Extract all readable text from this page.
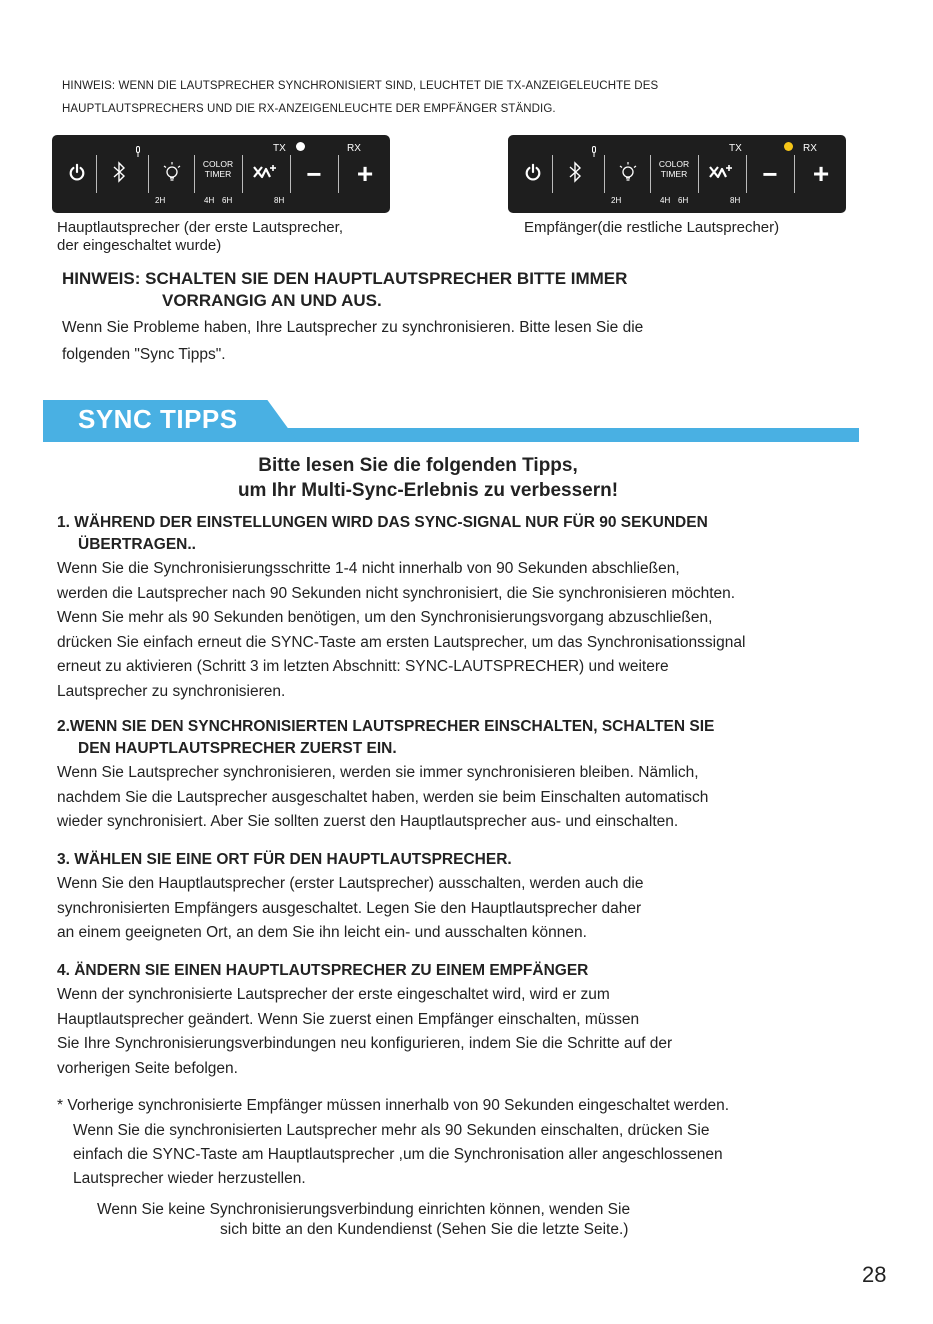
HINWEIS: WENN DIE LAUTSPRECHER SYNCHRONISIERT SIND, LEUCHTET DIE TX-ANZEIGELEUCHTE DES
HAUPTLAUTSPRECHERS UND DIE RX-ANZEIGENLEUCHTE DER EMPFÄNGER STÄNDIG.
COLOR
TIMER	− +
TX	RX
2H	4H 6H	8H
COLOR
TIMER	− +
TX	RX
2H	4H 6H	8H
Hauptlautsprecher (der erste Lautsprecher,
der eingeschaltet wurde)
Empfänger(die restliche Lautsprecher)
HINWEIS: SCHALTEN SIE DEN HAUPTLAUTSPRECHER BITTE IMMER
VORRANGIG AN UND AUS.
Wenn Sie Probleme haben, Ihre Lautsprecher zu synchronisieren. Bitte lesen Sie die
folgenden "Sync Tipps".
SYNC TIPPS
Bitte lesen Sie die folgenden Tipps,
um Ihr Multi-Sync-Erlebnis zu verbessern!
1. WÄHREND DER EINSTELLUNGEN WIRD DAS SYNC-SIGNAL NUR FÜR 90 SEKUNDEN
ÜBERTRAGEN..
Wenn Sie die Synchronisierungsschritte 1-4 nicht innerhalb von 90 Sekunden abschließen,
werden die Lautsprecher nach 90 Sekunden nicht synchronisiert, die Sie synchronisieren möchten.
Wenn Sie mehr als 90 Sekunden benötigen, um den Synchronisierungsvorgang abzuschließen,
drücken Sie einfach erneut die SYNC-Taste am ersten Lautsprecher, um das Synchronisationssignal
erneut zu aktivieren (Schritt 3 im letzten Abschnitt: SYNC-LAUTSPRECHER) und weitere
Lautsprecher zu synchronisieren.
2.WENN SIE DEN SYNCHRONISIERTEN LAUTSPRECHER EINSCHALTEN, SCHALTEN SIE
DEN HAUPTLAUTSPRECHER ZUERST EIN.
Wenn Sie Lautsprecher synchronisieren, werden sie immer synchronisieren bleiben. Nämlich,
nachdem Sie die Lautsprecher ausgeschaltet haben, werden sie beim Einschalten automatisch
wieder synchronisiert. Aber Sie sollten zuerst den Hauptlautsprecher aus- und einschalten.
3. WÄHLEN SIE EINE ORT FÜR DEN HAUPTLAUTSPRECHER.
Wenn Sie den Hauptlautsprecher (erster Lautsprecher) ausschalten, werden auch die
synchronisierten Empfängers ausgeschaltet. Legen Sie den Hauptlautsprecher daher
an einem geeigneten Ort, an dem Sie ihn leicht ein- und ausschalten können.
4. ÄNDERN SIE EINEN HAUPTLAUTSPRECHER ZU EINEM EMPFÄNGER
Wenn der synchronisierte Lautsprecher der erste eingeschaltet wird, wird er zum
Hauptlautsprecher geändert. Wenn Sie zuerst einen Empfänger einschalten, müssen
Sie Ihre Synchronisierungsverbindungen neu konfigurieren, indem Sie die Schritte auf der
vorherigen Seite befolgen.
* Vorherige synchronisierte Empfänger müssen innerhalb von 90 Sekunden eingeschaltet werden.
Wenn Sie die synchronisierten Lautsprecher mehr als 90 Sekunden einschalten, drücken Sie
einfach die SYNC-Taste am Hauptlautsprecher ,um die Synchronisation aller angeschlossenen
Lautsprecher wieder herzustellen.
Wenn Sie keine Synchronisierungsverbindung einrichten können, wenden Sie
sich bitte an den Kundendienst (Sehen Sie die letzte Seite.)
28
